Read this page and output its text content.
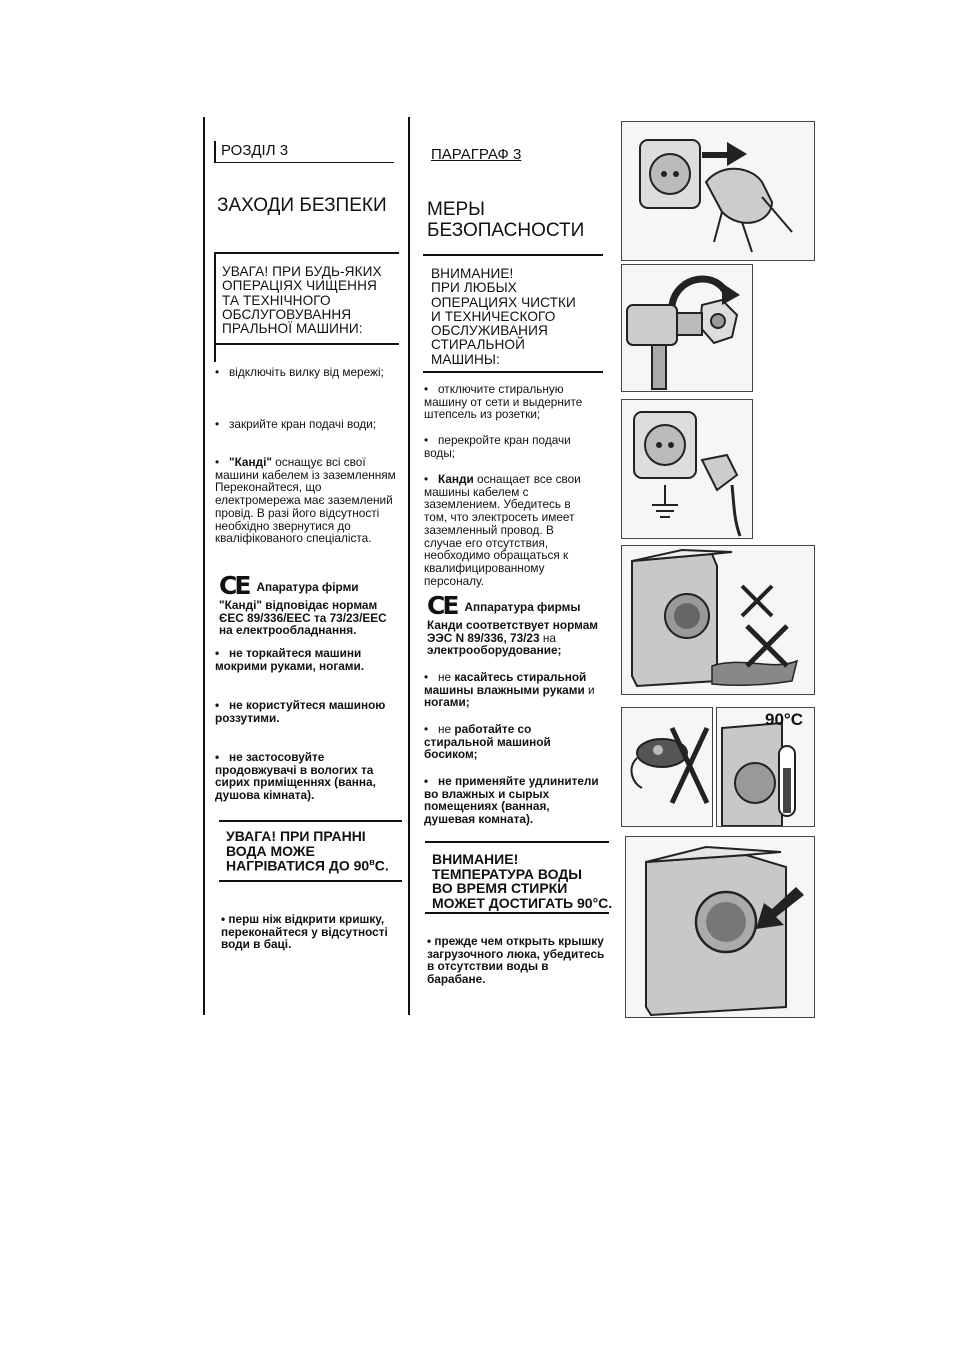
РОЗДІЛ 3
ЗАХОДИ БЕЗПЕКИ
УВАГА! ПРИ БУДЬ-ЯКИХ
ОПЕРАЦІЯХ ЧИЩЕННЯ
ТА ТЕХНІЧНОГО
ОБСЛУГОВУВАННЯ
ПРАЛЬНОЇ МАШИНИ:
• відключіть вилку від мережі;
• закрийте кран подачі води;
• "Канді" оснащує всі свої машини кабелем із заземленням Переконайтеся, що електромережа має заземлений провід. В разі його відсутності необхідно звернутися до кваліфікованого спеціаліста.
CE Апаратура фірми "Канді" відповідає нормам ЄЕС 89/336/ЕЕС та 73/23/ЕЕС на електрообладнання.
• не торкайтеся машини мокрими руками, ногами.
• не користуйтеся машиною роззутими.
• не застосовуйте продовжувачі в вологих та сирих приміщеннях (ванна, душова кімната).
УВАГА! ПРИ ПРАННІ
ВОДА МОЖЕ
НАГРІВАТИСЯ ДО $90^вС$.
• перш ніж відкрити кришку, переконайтеся у відсутності води в баці.
ПАРАГРАФ 3
МЕРЫ
БЕЗОПАСНОСТИ
ВНИМАНИЕ!
ПРИ ЛЮБЫХ
ОПЕРАЦИЯХ ЧИСТКИ
И ТЕХНИЧЕСКОГО
ОБСЛУЖИВАНИЯ
СТИРАЛЬНОЙ
МАШИНЫ:
• отключите стиральную машину от сети и выдерните штепсель из розетки;
• перекройте кран подачи воды;
• Канди оснащает все свои машины кабелем с заземлением. Убедитесь в том, что электросеть имеет заземленный провод. В случае его отсутствия, необходимо обращаться к квалифицированному персоналу.
CE Аппаратура фирмы Канди соответствует нормам ЭЭС N 89/336, 73/23 на электрооборудование;
• не касайтесь стиральной машины влажными руками и ногами;
• не работайте со стиральной машиной босиком;
• не применяйте удлинители во влажных и сырых помещениях (ванная, душевая комната).
ВНИМАНИЕ!
ТЕМПЕРАТУРА ВОДЫ
ВО ВРЕМЯ СТИРКИ
МОЖЕТ ДОСТИГАТЬ 90°С.
• прежде чем открыть крышку загрузочного люка, убедитесь в отсутствии воды в барабане.
90°С
